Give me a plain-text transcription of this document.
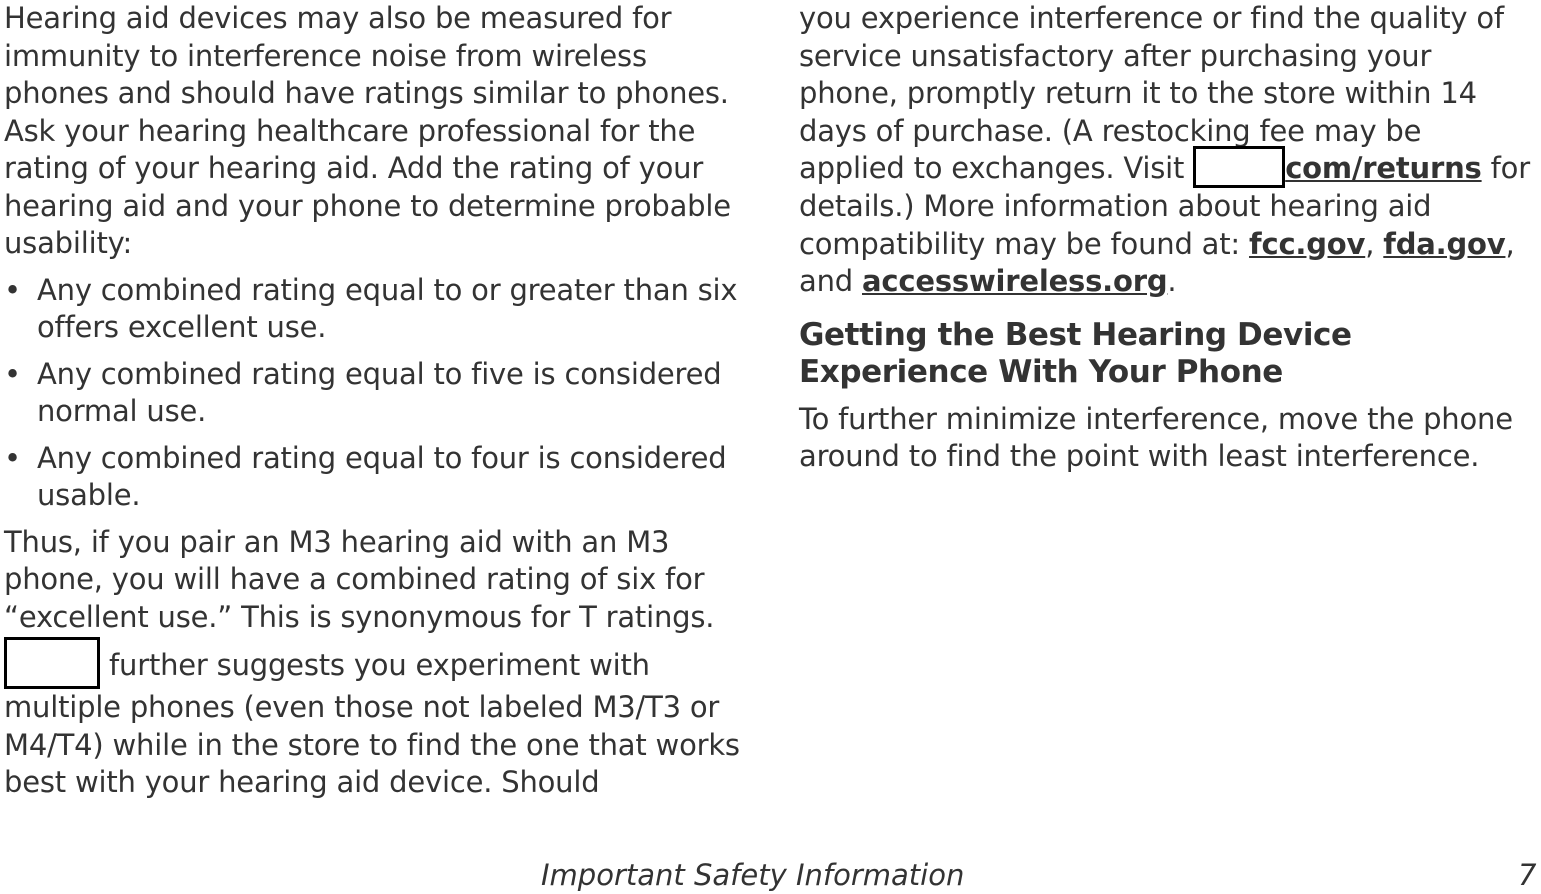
Hearing aid devices may also be measured for immunity to interference noise from wireless phones and should have ratings similar to phones. Ask your hearing healthcare professional for the rating of your hearing aid. Add the rating of your hearing aid and your phone to determine probable usability:

• Any combined rating equal to or greater than six offers excellent use.
• Any combined rating equal to five is considered normal use.
• Any combined rating equal to four is considered usable.

Thus, if you pair an M3 hearing aid with an M3 phone, you will have a combined rating of six for “excellent use.” This is synonymous for T ratings.

further suggests you experiment with multiple phones (even those not labeled M3/T3 or M4/T4) while in the store to find the one that works best with your hearing aid device. Should

you experience interference or find the quality of service unsatisfactory after purchasing your phone, promptly return it to the store within 14 days of purchase. (A restocking fee may be applied to exchanges. Visit	com/returns for details.) More information about hearing aid compatibility may be found at: fcc.gov, fda.gov, and accesswireless.org.

Getting the Best Hearing Device Experience With Your Phone

To further minimize interference, move the phone around to find the point with least interference.

Important Safety Information	7
